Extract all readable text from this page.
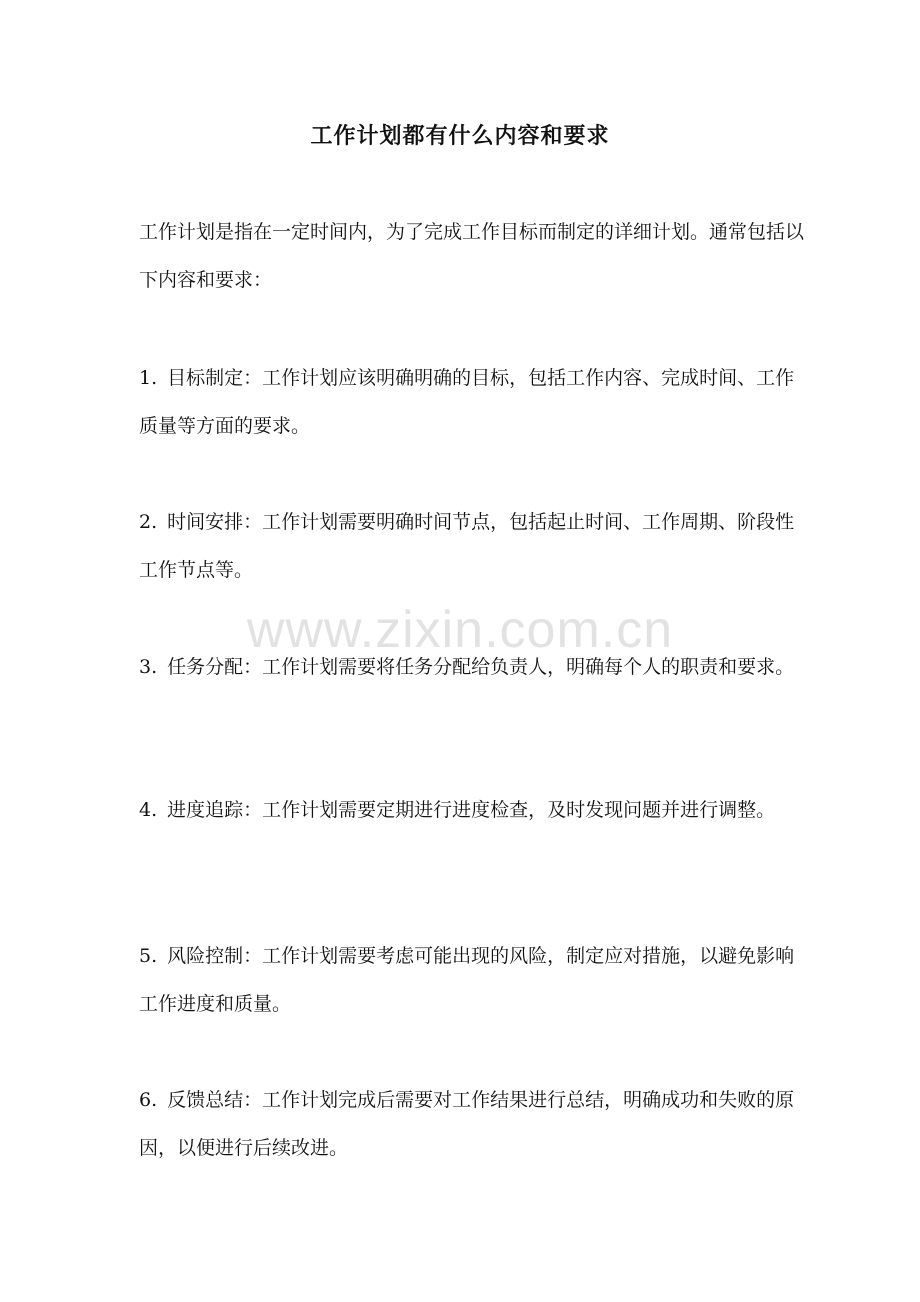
工作计划都有什么内容和要求

工作计划是指在一定时间内，为了完成工作目标而制定的详细计划。通常包括以下内容和要求：

1. 目标制定：工作计划应该明确明确的目标，包括工作内容、完成时间、工作质量等方面的要求。

2. 时间安排：工作计划需要明确时间节点，包括起止时间、工作周期、阶段性工作节点等。

3. 任务分配：工作计划需要将任务分配给负责人，明确每个人的职责和要求。

4. 进度追踪：工作计划需要定期进行进度检查，及时发现问题并进行调整。

5. 风险控制：工作计划需要考虑可能出现的风险，制定应对措施，以避免影响工作进度和质量。

6. 反馈总结：工作计划完成后需要对工作结果进行总结，明确成功和失败的原因，以便进行后续改进。

www.zixin.com.cn
